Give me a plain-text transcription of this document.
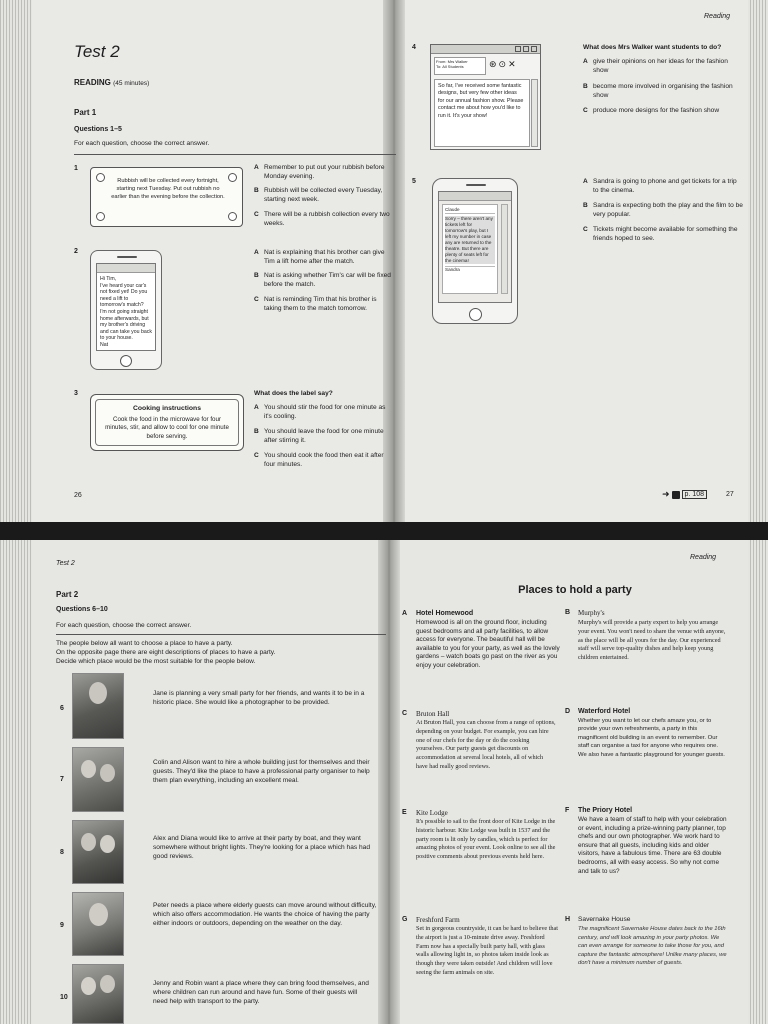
Test 2
READING (45 minutes)
Part 1
Questions 1–5
For each question, choose the correct answer.
1
Rubbish will be collected every fortnight, starting next Tuesday. Put out rubbish no earlier than the evening before the collection.
A Remember to put out your rubbish before Monday evening.
B Rubbish will be collected every Tuesday, starting next week.
C There will be a rubbish collection every two weeks.
2
Hi Tim,
I've heard your car's not fixed yet! Do you need a lift to tomorrow's match?
I'm not going straight home afterwards, but my brother's driving and can take you back to your house.
Nat
A Nat is explaining that his brother can give Tim a lift home after the match.
B Nat is asking whether Tim's car will be fixed before the match.
C Nat is reminding Tim that his brother is taking them to the match tomorrow.
3
Cooking instructions
Cook the food in the microwave for four minutes, stir, and allow to cool for one minute before serving.
What does the label say?
A You should stir the food for one minute as it's cooling.
B You should leave the food for one minute after stirring it.
C You should cook the food then eat it after four minutes.
26
Reading
4
From: Mrs Walker
To: All Students	⊛⊙✕
So far, I've received some fantastic designs, but very few other ideas for our annual fashion show. Please contact me about how you'd like to run it. It's your show!
What does Mrs Walker want students to do?
A give their opinions on her ideas for the fashion show
B become more involved in organising the fashion show
C produce more designs for the fashion show
5
Claude
Sorry – there aren't any tickets left for tomorrow's play, but I left my number in case any are returned to the theatre. But there are plenty of seats left for the cinema!
Sandra
A Sandra is going to phone and get tickets for a trip to the cinema.
B Sandra is expecting both the play and the film to be very popular.
C Tickets might become available for something the friends hoped to see.
➜	p. 108	27
Test 2
Part 2
Questions 6–10
For each question, choose the correct answer.
The people below all want to choose a place to have a party.
On the opposite page there are eight descriptions of places to have a party.
Decide which place would be the most suitable for the people below.
6
Jane is planning a very small party for her friends, and wants it to be in a historic place. She would like a photographer to be provided.
7
Colin and Alison want to hire a whole building just for themselves and their guests. They'd like the place to have a professional party organiser to help them plan everything, including an excellent meal.
8
Alex and Diana would like to arrive at their party by boat, and they want somewhere without bright lights. They're looking for a place which has had good reviews.
9
Peter needs a place where elderly guests can move around without difficulty, which also offers accommodation. He wants the choice of having the party either indoors or outdoors, depending on the weather on the day.
10
Jenny and Robin want a place where they can bring food themselves, and where children can run around and have fun. Some of their guests will need help with transport to the party.
Reading
Places to hold a party
A Hotel Homewood
Homewood is all on the ground floor, including guest bedrooms and all party facilities, to allow access for everyone. The beautiful hall will be available to you for your party, as well as the lovely gardens – watch boats go past on the river as you enjoy your celebration.
B Murphy's
Murphy's will provide a party expert to help you arrange your event. You won't need to share the venue with anyone, as the place will be all yours for the day. Our experienced staff will serve top-quality dishes and help keep young children entertained.
C Bruton Hall
At Bruton Hall, you can choose from a range of options, depending on your budget. For example, you can hire one of our chefs for the day or do the cooking yourselves. Our party guests get discounts on accommodation at several local hotels, all of which have had really good reviews.
D Waterford Hotel
Whether you want to let our chefs amaze you, or to provide your own refreshments, a party in this magnificent old building is an event to remember. Our staff can organise a taxi for anyone who requires one. We also have a fantastic playground for younger guests.
E Kite Lodge
It's possible to sail to the front door of Kite Lodge in the historic harbour. Kite Lodge was built in 1537 and the party room is lit only by candles, which is perfect for amazing photos of your event. Look online to see all the positive comments about previous events held here.
F The Priory Hotel
We have a team of staff to help with your celebration or event, including a prize-winning party planner, top chefs and our own photographer. We work hard to ensure that all guests, including kids and older visitors, have a fabulous time. There are 63 double bedrooms, all with easy access. So why not come and talk to us?
G Freshford Farm
Set in gorgeous countryside, it can be hard to believe that the airport is just a 10-minute drive away. Freshford Farm now has a specially built party hall, with glass walls allowing light in, so photos taken inside look as though they were taken outside! And children will love seeing the farm animals on site.
H Savernake House
The magnificent Savernake House dates back to the 16th century, and will look amazing in your party photos. We can even arrange for someone to take those for you, and capture the fantastic atmosphere! Unlike many places, we don't have a minimum number of guests.
